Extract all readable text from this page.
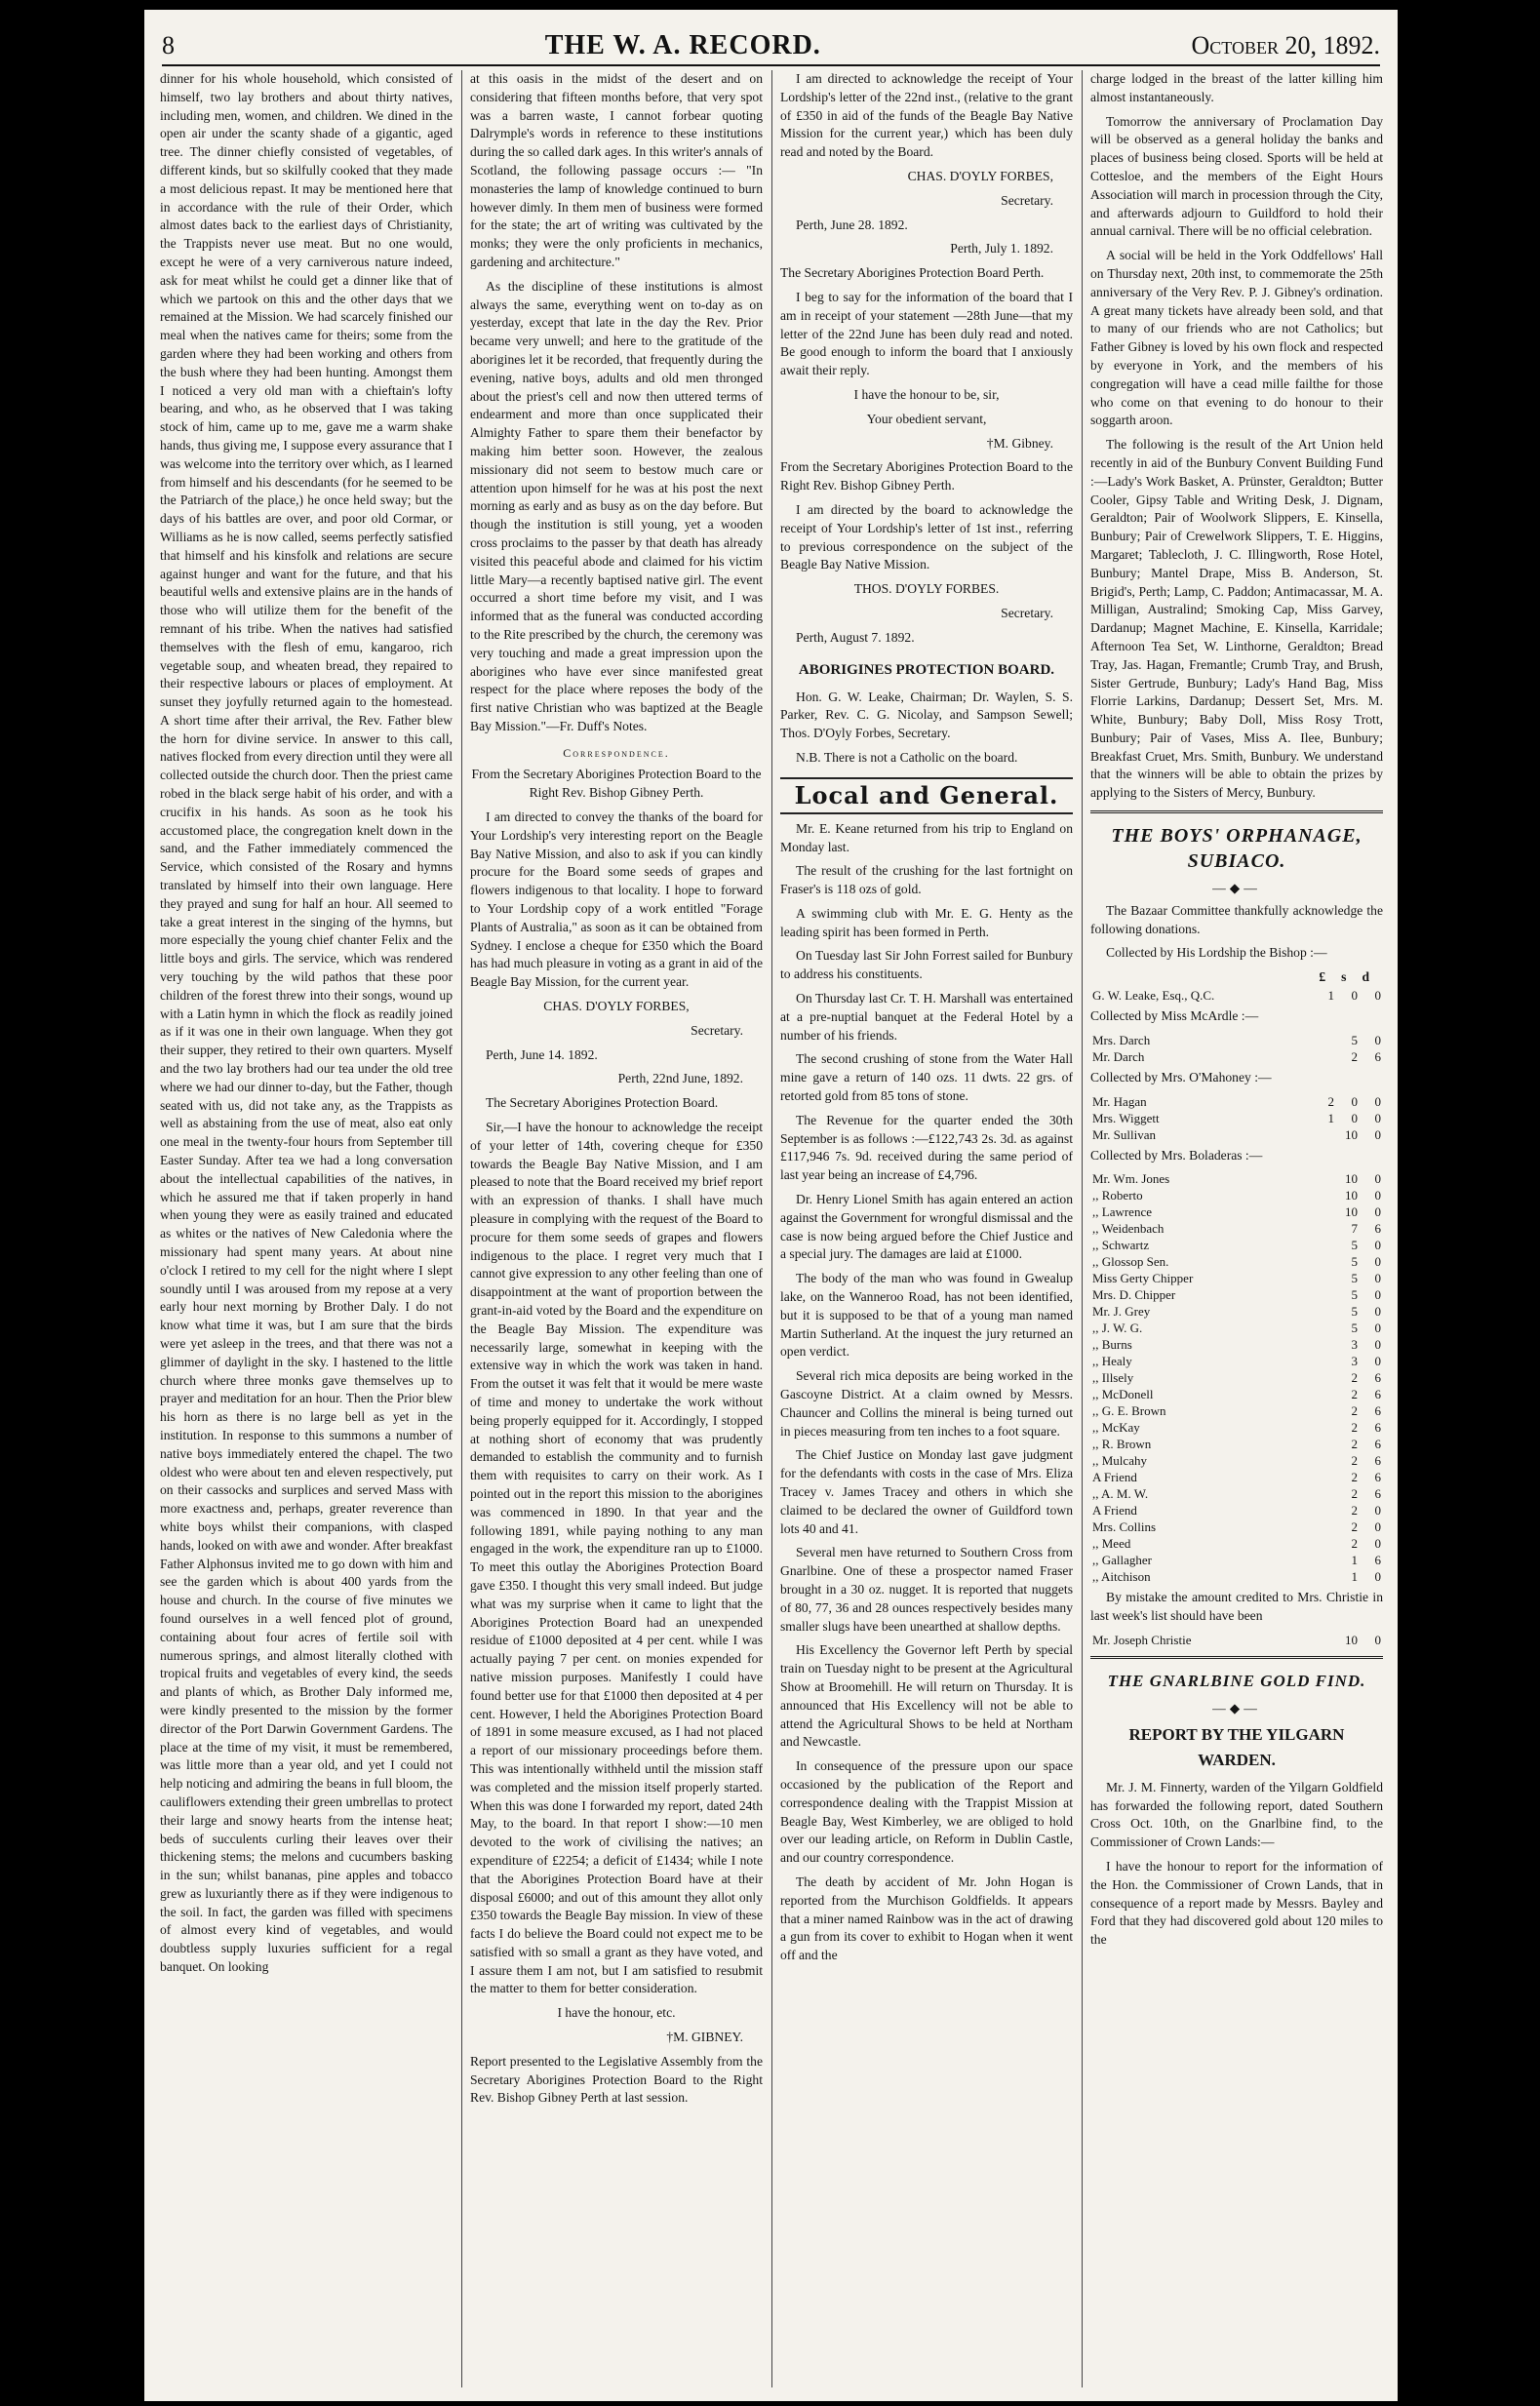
8	THE W. A. RECORD.	October 20, 1892.

dinner for his whole household, which consisted of himself, two lay brothers and about thirty natives, including men, women, and children. We dined in the open air under the scanty shade of a gigantic, aged tree. The dinner chiefly consisted of vegetables, of different kinds, but so skilfully cooked that they made a most delicious repast. It may be mentioned here that in accordance with the rule of their Order, which almost dates back to the earliest days of Christianity, the Trappists never use meat. But no one would, except he were of a very carniverous nature indeed, ask for meat whilst he could get a dinner like that of which we partook on this and the other days that we remained at the Mission. We had scarcely finished our meal when the natives came for theirs; some from the garden where they had been working and others from the bush where they had been hunting. Amongst them I noticed a very old man with a chieftain's lofty bearing, and who, as he observed that I was taking stock of him, came up to me, gave me a warm shake hands, thus giving me, I suppose every assurance that I was welcome into the territory over which, as I learned from himself and his descendants (for he seemed to be the Patriarch of the place,) he once held sway; but the days of his battles are over, and poor old Cormar, or Williams as he is now called, seems perfectly satisfied that himself and his kinsfolk and relations are secure against hunger and want for the future, and that his beautiful wells and extensive plains are in the hands of those who will utilize them for the benefit of the remnant of his tribe. When the natives had satisfied themselves with the flesh of emu, kangaroo, rich vegetable soup, and wheaten bread, they repaired to their respective labours or places of employment. At sunset they joyfully returned again to the homestead. A short time after their arrival, the Rev. Father blew the horn for divine service. In answer to this call, natives flocked from every direction until they were all collected outside the church door. Then the priest came robed in the black serge habit of his order, and with a crucifix in his hands. As soon as he took his accustomed place, the congregation knelt down in the sand, and the Father immediately commenced the Service, which consisted of the Rosary and hymns translated by himself into their own language. Here they prayed and sung for half an hour. All seemed to take a great interest in the singing of the hymns, but more especially the young chief chanter Felix and the little boys and girls. The service, which was rendered very touching by the wild pathos that these poor children of the forest threw into their songs, wound up with a Latin hymn in which the flock as readily joined as if it was one in their own language. When they got their supper, they retired to their own quarters. Myself and the two lay brothers had our tea under the old tree where we had our dinner to-day, but the Father, though seated with us, did not take any, as the Trappists as well as abstaining from the use of meat, also eat only one meal in the twenty-four hours from September till Easter Sunday. After tea we had a long conversation about the intellectual capabilities of the natives, in which he assured me that if taken properly in hand when young they were as easily trained and educated as whites or the natives of New Caledonia where the missionary had spent many years. At about nine o'clock I retired to my cell for the night where I slept soundly until I was aroused from my repose at a very early hour next morning by Brother Daly. I do not know what time it was, but I am sure that the birds were yet asleep in the trees, and that there was not a glimmer of daylight in the sky. I hastened to the little church where three monks gave themselves up to prayer and meditation for an hour. Then the Prior blew his horn as there is no large bell as yet in the institution. In response to this summons a number of native boys immediately entered the chapel. The two oldest who were about ten and eleven respectively, put on their cassocks and surplices and served Mass with more exactness and, perhaps, greater reverence than white boys whilst their companions, with clasped hands, looked on with awe and wonder. After breakfast Father Alphonsus invited me to go down with him and see the garden which is about 400 yards from the house and church. In the course of five minutes we found ourselves in a well fenced plot of ground, containing about four acres of fertile soil with numerous springs, and almost literally clothed with tropical fruits and vegetables of every kind, the seeds and plants of which, as Brother Daly informed me, were kindly presented to the mission by the former director of the Port Darwin Government Gardens. The place at the time of my visit, it must be remembered, was little more than a year old, and yet I could not help noticing and admiring the beans in full bloom, the cauliflowers extending their green umbrellas to protect their large and snowy hearts from the intense heat; beds of succulents curling their leaves over their thickening stems; the melons and cucumbers basking in the sun; whilst bananas, pine apples and tobacco grew as luxuriantly there as if they were indigenous to the soil. In fact, the garden was filled with specimens of almost every kind of vegetables, and would doubtless supply luxuries sufficient for a regal banquet. On looking

at this oasis in the midst of the desert and on considering that fifteen months before, that very spot was a barren waste, I cannot forbear quoting Dalrymple's words in reference to these institutions during the so called dark ages. In this writer's annals of Scotland, the following passage occurs :— "In monasteries the lamp of knowledge continued to burn however dimly. In them men of business were formed for the state; the art of writing was cultivated by the monks; they were the only proficients in mechanics, gardening and architecture."

As the discipline of these institutions is almost always the same, everything went on to-day as on yesterday, except that late in the day the Rev. Prior became very unwell; and here to the gratitude of the aborigines let it be recorded, that frequently during the evening, native boys, adults and old men thronged about the priest's cell and now then uttered terms of endearment and more than once supplicated their Almighty Father to spare them their benefactor by making him better soon. However, the zealous missionary did not seem to bestow much care or attention upon himself for he was at his post the next morning as early and as busy as on the day before. But though the institution is still young, yet a wooden cross proclaims to the passer by that death has already visited this peaceful abode and claimed for his victim little Mary—a recently baptised native girl. The event occurred a short time before my visit, and I was informed that as the funeral was conducted according to the Rite prescribed by the church, the ceremony was very touching and made a great impression upon the aborigines who have ever since manifested great respect for the place where reposes the body of the first native Christian who was baptized at the Beagle Bay Mission."—Fr. Duff's Notes.

Correspondence.

From the Secretary Aborigines Protection Board to the Right Rev. Bishop Gibney Perth.

I am directed to convey the thanks of the board for Your Lordship's very interesting report on the Beagle Bay Native Mission, and also to ask if you can kindly procure for the Board some seeds of grapes and flowers indigenous to that locality. I hope to forward to Your Lordship copy of a work entitled "Forage Plants of Australia," as soon as it can be obtained from Sydney. I enclose a cheque for £350 which the Board has had much pleasure in voting as a grant in aid of the Beagle Bay Mission, for the current year.

CHAS. D'OYLY FORBES,

Secretary.

Perth, June 14. 1892.

Perth, 22nd June, 1892.

The Secretary Aborigines Protection Board.

Sir,—I have the honour to acknowledge the receipt of your letter of 14th, covering cheque for £350 towards the Beagle Bay Native Mission, and I am pleased to note that the Board received my brief report with an expression of thanks. I shall have much pleasure in complying with the request of the Board to procure for them some seeds of grapes and flowers indigenous to the place. I regret very much that I cannot give expression to any other feeling than one of disappointment at the want of proportion between the grant-in-aid voted by the Board and the expenditure on the Beagle Bay Mission. The expenditure was necessarily large, somewhat in keeping with the extensive way in which the work was taken in hand. From the outset it was felt that it would be mere waste of time and money to undertake the work without being properly equipped for it. Accordingly, I stopped at nothing short of economy that was prudently demanded to establish the community and to furnish them with requisites to carry on their work. As I pointed out in the report this mission to the aborigines was commenced in 1890. In that year and the following 1891, while paying nothing to any man engaged in the work, the expenditure ran up to £1000. To meet this outlay the Aborigines Protection Board gave £350. I thought this very small indeed. But judge what was my surprise when it came to light that the Aborigines Protection Board had an unexpended residue of £1000 deposited at 4 per cent. while I was actually paying 7 per cent. on monies expended for native mission purposes. Manifestly I could have found better use for that £1000 then deposited at 4 per cent. However, I held the Aborigines Protection Board of 1891 in some measure excused, as I had not placed a report of our missionary proceedings before them. This was intentionally withheld until the mission staff was completed and the mission itself properly started. When this was done I forwarded my report, dated 24th May, to the board. In that report I show:—10 men devoted to the work of civilising the natives; an expenditure of £2254; a deficit of £1434; while I note that the Aborigines Protection Board have at their disposal £6000; and out of this amount they allot only £350 towards the Beagle Bay mission. In view of these facts I do believe the Board could not expect me to be satisfied with so small a grant as they have voted, and I assure them I am not, but I am satisfied to resubmit the matter to them for better consideration.

I have the honour, etc.

†M. GIBNEY.

Report presented to the Legislative Assembly from the Secretary Aborigines Protection Board to the Right Rev. Bishop Gibney Perth at last session.

I am directed to acknowledge the receipt of Your Lordship's letter of the 22nd inst., (relative to the grant of £350 in aid of the funds of the Beagle Bay Native Mission for the current year,) which has been duly read and noted by the Board.

CHAS. D'OYLY FORBES,

Secretary.

Perth, June 28. 1892.

Perth, July 1. 1892.

The Secretary Aborigines Protection Board Perth.

I beg to say for the information of the board that I am in receipt of your statement —28th June—that my letter of the 22nd June has been duly read and noted. Be good enough to inform the board that I anxiously await their reply.

I have the honour to be, sir,

Your obedient servant,

†M. Gibney.

From the Secretary Aborigines Protection Board to the Right Rev. Bishop Gibney Perth.

I am directed by the board to acknowledge the receipt of Your Lordship's letter of 1st inst., referring to previous correspondence on the subject of the Beagle Bay Native Mission.

THOS. D'OYLY FORBES.

Secretary.

Perth, August 7. 1892.

ABORIGINES PROTECTION BOARD.

Hon. G. W. Leake, Chairman; Dr. Waylen, S. S. Parker, Rev. C. G. Nicolay, and Sampson Sewell; Thos. D'Oyly Forbes, Secretary.

N.B. There is not a Catholic on the board.

Local and General.

Mr. E. Keane returned from his trip to England on Monday last.

The result of the crushing for the last fortnight on Fraser's is 118 ozs of gold.

A swimming club with Mr. E. G. Henty as the leading spirit has been formed in Perth.

On Tuesday last Sir John Forrest sailed for Bunbury to address his constituents.

On Thursday last Cr. T. H. Marshall was entertained at a pre-nuptial banquet at the Federal Hotel by a number of his friends.

The second crushing of stone from the Water Hall mine gave a return of 140 ozs. 11 dwts. 22 grs. of retorted gold from 85 tons of stone.

The Revenue for the quarter ended the 30th September is as follows :—£122,743 2s. 3d. as against £117,946 7s. 9d. received during the same period of last year being an increase of £4,796.

Dr. Henry Lionel Smith has again entered an action against the Government for wrongful dismissal and the case is now being argued before the Chief Justice and a special jury. The damages are laid at £1000.

The body of the man who was found in Gwealup lake, on the Wanneroo Road, has not been identified, but it is supposed to be that of a young man named Martin Sutherland. At the inquest the jury returned an open verdict.

Several rich mica deposits are being worked in the Gascoyne District. At a claim owned by Messrs. Chauncer and Collins the mineral is being turned out in pieces measuring from ten inches to a foot square.

The Chief Justice on Monday last gave judgment for the defendants with costs in the case of Mrs. Eliza Tracey v. James Tracey and others in which she claimed to be declared the owner of Guildford town lots 40 and 41.

Several men have returned to Southern Cross from Gnarlbine. One of these a prospector named Fraser brought in a 30 oz. nugget. It is reported that nuggets of 80, 77, 36 and 28 ounces respectively besides many smaller slugs have been unearthed at shallow depths.

His Excellency the Governor left Perth by special train on Tuesday night to be present at the Agricultural Show at Broomehill. He will return on Thursday. It is announced that His Excellency will not be able to attend the Agricultural Shows to be held at Northam and Newcastle.

In consequence of the pressure upon our space occasioned by the publication of the Report and correspondence dealing with the Trappist Mission at Beagle Bay, West Kimberley, we are obliged to hold over our leading article, on Reform in Dublin Castle, and our country correspondence.

The death by accident of Mr. John Hogan is reported from the Murchison Goldfields. It appears that a miner named Rainbow was in the act of drawing a gun from its cover to exhibit to Hogan when it went off and the

charge lodged in the breast of the latter killing him almost instantaneously.

Tomorrow the anniversary of Proclamation Day will be observed as a general holiday the banks and places of business being closed. Sports will be held at Cottesloe, and the members of the Eight Hours Association will march in procession through the City, and afterwards adjourn to Guildford to hold their annual carnival. There will be no official celebration.

A social will be held in the York Oddfellows' Hall on Thursday next, 20th inst, to commemorate the 25th anniversary of the Very Rev. P. J. Gibney's ordination. A great many tickets have already been sold, and that to many of our friends who are not Catholics; but Father Gibney is loved by his own flock and respected by everyone in York, and the members of his congregation will have a cead mille failthe for those who come on that evening to do honour to their soggarth aroon.

The following is the result of the Art Union held recently in aid of the Bunbury Convent Building Fund :—Lady's Work Basket, A. Prünster, Geraldton; Butter Cooler, Gipsy Table and Writing Desk, J. Dignam, Geraldton; Pair of Woolwork Slippers, E. Kinsella, Bunbury; Pair of Crewelwork Slippers, T. E. Higgins, Margaret; Tablecloth, J. C. Illingworth, Rose Hotel, Bunbury; Mantel Drape, Miss B. Anderson, St. Brigid's, Perth; Lamp, C. Paddon; Antimacassar, M. A. Milligan, Australind; Smoking Cap, Miss Garvey, Dardanup; Magnet Machine, E. Kinsella, Karridale; Afternoon Tea Set, W. Linthorne, Geraldton; Bread Tray, Jas. Hagan, Fremantle; Crumb Tray, and Brush, Sister Gertrude, Bunbury; Lady's Hand Bag, Miss Florrie Larkins, Dardanup; Dessert Set, Mrs. M. White, Bunbury; Baby Doll, Miss Rosy Trott, Bunbury; Pair of Vases, Miss A. Ilee, Bunbury; Breakfast Cruet, Mrs. Smith, Bunbury. We understand that the winners will be able to obtain the prizes by applying to the Sisters of Mercy, Bunbury.

THE BOYS' ORPHANAGE, SUBIACO.
—◆—

The Bazaar Committee thankfully acknowledge the following donations.

Collected by His Lordship the Bishop :—

£ s d
G. W. Leake, Esq., Q.C.	1	0	0

Collected by Miss McArdle :—

Mrs. Darch		5	0
Mr. Darch		2	6

Collected by Mrs. O'Mahoney :—

Mr. Hagan	2	0	0
Mrs. Wiggett	1	0	0
Mr. Sullivan		10	0

Collected by Mrs. Boladeras :—

Mr. Wm. Jones		10	0
,, Roberto		10	0
,, Lawrence		10	0
,, Weidenbach		7	6
,, Schwartz		5	0
,, Glossop Sen.		5	0
Miss Gerty Chipper		5	0
Mrs. D. Chipper		5	0
Mr. J. Grey		5	0
,, J. W. G.		5	0
,, Burns		3	0
,, Healy		3	0
,, Illsely		2	6
,, McDonell		2	6
,, G. E. Brown		2	6
,, McKay		2	6
,, R. Brown		2	6
,, Mulcahy		2	6
A Friend		2	6
,, A. M. W.		2	6
A Friend		2	0
Mrs. Collins		2	0
,, Meed		2	0
,, Gallagher		1	6
,, Aitchison		1	0

By mistake the amount credited to Mrs. Christie in last week's list should have been

Mr. Joseph Christie		10	0
THE GNARLBINE GOLD FIND.
—◆—
REPORT BY THE YILGARN WARDEN.

Mr. J. M. Finnerty, warden of the Yilgarn Goldfield has forwarded the following report, dated Southern Cross Oct. 10th, on the Gnarlbine find, to the Commissioner of Crown Lands:—

I have the honour to report for the information of the Hon. the Commissioner of Crown Lands, that in consequence of a report made by Messrs. Bayley and Ford that they had discovered gold about 120 miles to the
